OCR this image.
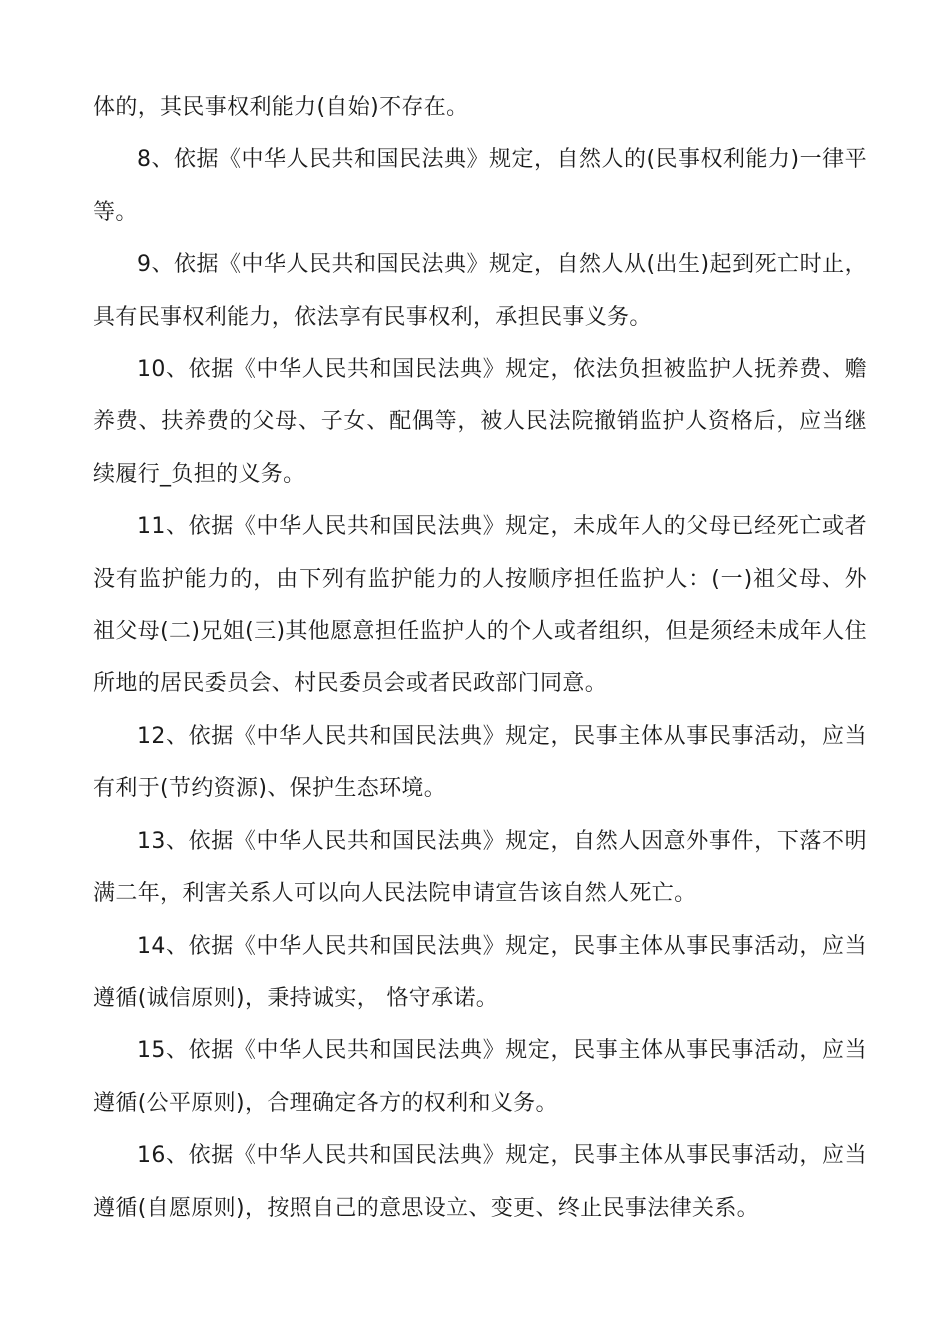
体的，其民事权利能力(自始)不存在。

8、依据《中华人民共和国民法典》规定，自然人的(民事权利能力)一律平等。

9、依据《中华人民共和国民法典》规定，自然人从(出生)起到死亡时止，具有民事权利能力，依法享有民事权利，承担民事义务。

10、依据《中华人民共和国民法典》规定，依法负担被监护人抚养费、赡养费、扶养费的父母、子女、配偶等，被人民法院撤销监护人资格后，应当继续履行_负担的义务。

11、依据《中华人民共和国民法典》规定，未成年人的父母已经死亡或者没有监护能力的，由下列有监护能力的人按顺序担任监护人：(一)祖父母、外祖父母(二)兄姐(三)其他愿意担任监护人的个人或者组织，但是须经未成年人住所地的居民委员会、村民委员会或者民政部门同意。

12、依据《中华人民共和国民法典》规定，民事主体从事民事活动，应当有利于(节约资源)、保护生态环境。

13、依据《中华人民共和国民法典》规定，自然人因意外事件，下落不明满二年，利害关系人可以向人民法院申请宣告该自然人死亡。

14、依据《中华人民共和国民法典》规定，民事主体从事民事活动，应当遵循(诚信原则)，秉持诚实， 恪守承诺。

15、依据《中华人民共和国民法典》规定，民事主体从事民事活动，应当遵循(公平原则)，合理确定各方的权利和义务。

16、依据《中华人民共和国民法典》规定，民事主体从事民事活动，应当遵循(自愿原则)，按照自己的意思设立、变更、终止民事法律关系。
